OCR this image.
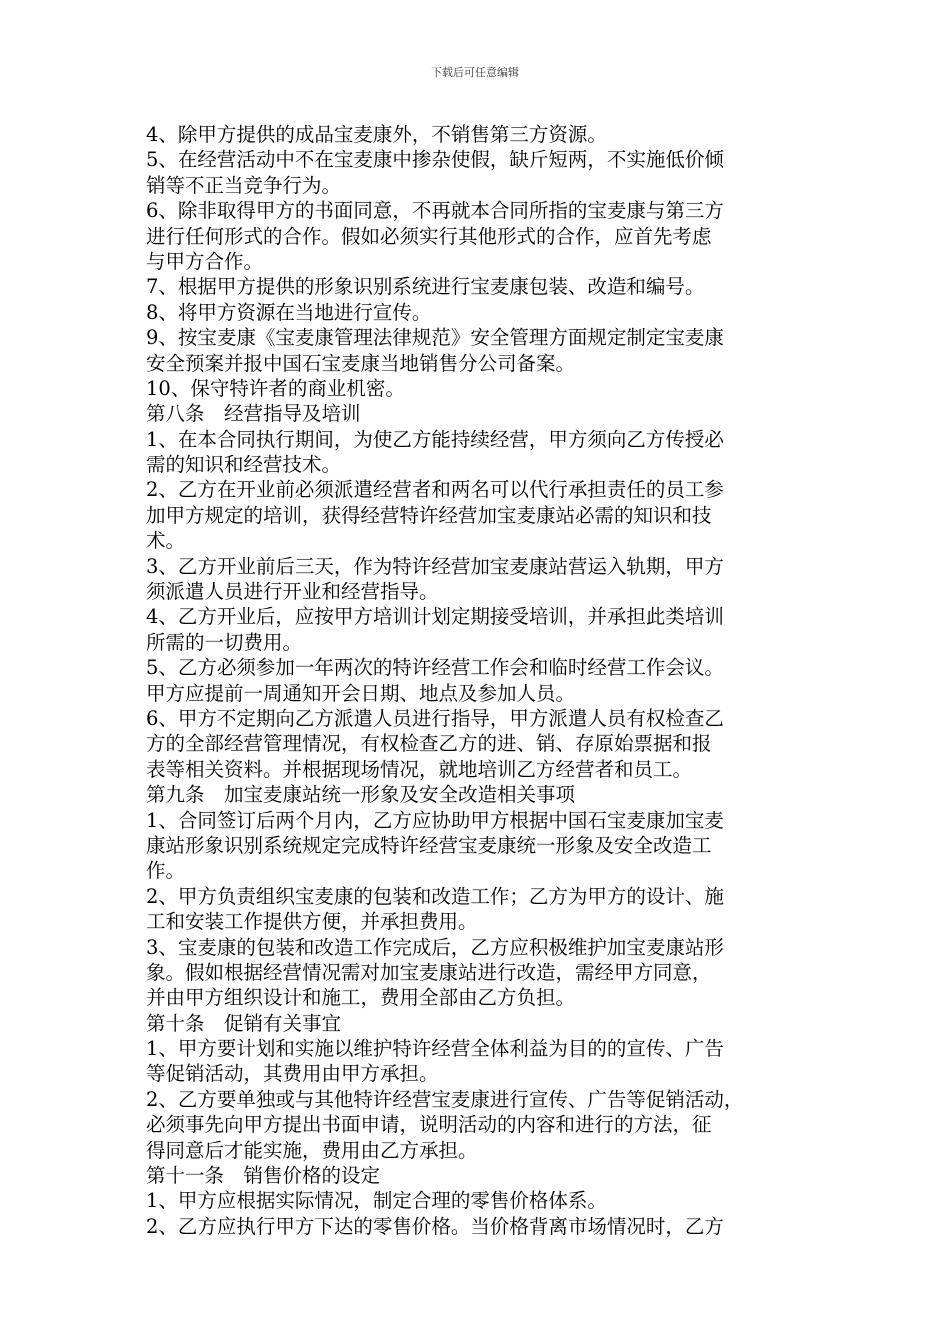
下载后可任意编辑
4、除甲方提供的成品宝麦康外，不销售第三方资源。
5、在经营活动中不在宝麦康中掺杂使假，缺斤短两，不实施低价倾
销等不正当竞争行为。
6、除非取得甲方的书面同意，不再就本合同所指的宝麦康与第三方
进行任何形式的合作。假如必须实行其他形式的合作，应首先考虑
与甲方合作。
7、根据甲方提供的形象识别系统进行宝麦康包装、改造和编号。
8、将甲方资源在当地进行宣传。
9、按宝麦康《宝麦康管理法律规范》安全管理方面规定制定宝麦康
安全预案并报中国石宝麦康当地销售分公司备案。
10、保守特许者的商业机密。
第八条　经营指导及培训
1、在本合同执行期间，为使乙方能持续经营，甲方须向乙方传授必
需的知识和经营技术。
2、乙方在开业前必须派遣经营者和两名可以代行承担责任的员工参
加甲方规定的培训，获得经营特许经营加宝麦康站必需的知识和技
术。
3、乙方开业前后三天，作为特许经营加宝麦康站营运入轨期，甲方
须派遣人员进行开业和经营指导。
4、乙方开业后，应按甲方培训计划定期接受培训，并承担此类培训
所需的一切费用。
5、乙方必须参加一年两次的特许经营工作会和临时经营工作会议。
甲方应提前一周通知开会日期、地点及参加人员。
6、甲方不定期向乙方派遣人员进行指导，甲方派遣人员有权检查乙
方的全部经营管理情况，有权检查乙方的进、销、存原始票据和报
表等相关资料。并根据现场情况，就地培训乙方经营者和员工。
第九条　加宝麦康站统一形象及安全改造相关事项
1、合同签订后两个月内，乙方应协助甲方根据中国石宝麦康加宝麦
康站形象识别系统规定完成特许经营宝麦康统一形象及安全改造工
作。
2、甲方负责组织宝麦康的包装和改造工作；乙方为甲方的设计、施
工和安装工作提供方便，并承担费用。
3、宝麦康的包装和改造工作完成后，乙方应积极维护加宝麦康站形
象。假如根据经营情况需对加宝麦康站进行改造，需经甲方同意，
并由甲方组织设计和施工，费用全部由乙方负担。
第十条　促销有关事宜
1、甲方要计划和实施以维护特许经营全体利益为目的的宣传、广告
等促销活动，其费用由甲方承担。
2、乙方要单独或与其他特许经营宝麦康进行宣传、广告等促销活动，
必须事先向甲方提出书面申请，说明活动的内容和进行的方法，征
得同意后才能实施，费用由乙方承担。
第十一条　销售价格的设定
1、甲方应根据实际情况，制定合理的零售价格体系。
2、乙方应执行甲方下达的零售价格。当价格背离市场情况时，乙方
